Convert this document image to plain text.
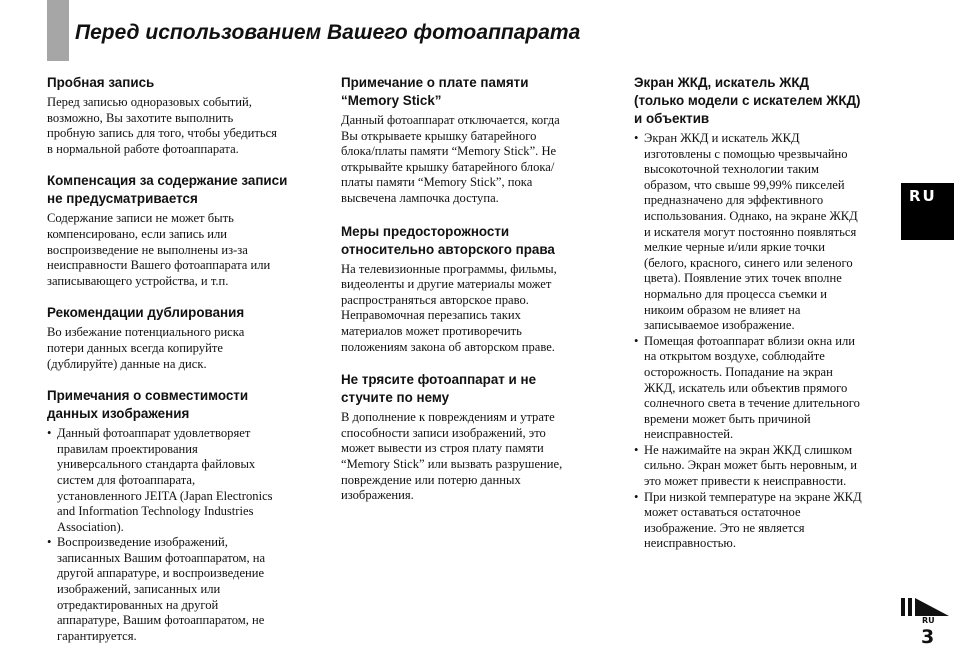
Перед использованием Вашего фотоаппарата
Пробная запись

Перед записью одноразовых событий,
возможно, Вы захотите выполнить
пробную запись для того, чтобы убедиться
в нормальной работе фотоаппарата.

Компенсация за содержание записи
не предусматривается

Содержание записи не может быть
компенсировано, если запись или
воспроизведение не выполнены из-за
неисправности Вашего фотоаппарата или
записывающего устройства, и т.п.

Рекомендации дублирования

Во избежание потенциального риска
потери данных всегда копируйте
(дублируйте) данные на диск.

Примечания о совместимости
данных изображения
• Данный фотоаппарат удовлетворяет
правилам проектирования
универсального стандарта файловых
систем для фотоаппарата,
установленного JEITA (Japan Electronics
and Information Technology Industries
Association).
• Воспроизведение изображений,
записанных Вашим фотоаппаратом, на
другой аппаратуре, и воспроизведение
изображений, записанных или
отредактированных на другой
аппаратуре, Вашим фотоаппаратом, не
гарантируется.
Примечание о плате памяти
“Memory Stick”

Данный фотоаппарат отключается, когда
Вы открываете крышку батарейного
блока/платы памяти “Memory Stick”. Не
открывайте крышку батарейного блока/
платы памяти “Memory Stick”, пока
высвечена лампочка доступа.

Меры предосторожности
относительно авторского права

На телевизионные программы, фильмы,
видеоленты и другие материалы может
распространяться авторское право.
Неправомочная перезапись таких
материалов может противоречить
положениям закона об авторском праве.

Не трясите фотоаппарат и не
стучите по нему

В дополнение к повреждениям и утрате
способности записи изображений, это
может вывести из строя плату памяти
“Memory Stick” или вызвать разрушение,
повреждение или потерю данных
изображения.

Экран ЖКД, искатель ЖКД
(только модели с искателем ЖКД)
и объектив
• Экран ЖКД и искатель ЖКД
изготовлены с помощью чрезвычайно
высокоточной технологии таким
образом, что свыше 99,99% пикселей
предназначено для эффективного
использования. Однако, на экране ЖКД
и искателя могут постоянно появляться
мелкие черные и/или яркие точки
(белого, красного, синего или зеленого
цвета). Появление этих точек вполне
нормально для процесса съемки и
никоим образом не влияет на
записываемое изображение.
• Помещая фотоаппарат вблизи окна или
на открытом воздухе, соблюдайте
осторожность. Попадание на экран
ЖКД, искатель или объектив прямого
солнечного света в течение длительного
времени может быть причиной
неисправностей.
• Не нажимайте на экран ЖКД слишком
сильно. Экран может быть неровным, и
это может привести к неисправности.
• При низкой температуре на экране ЖКД
может оставаться остаточное
изображение. Это не является
неисправностью.
RU
RU
3
